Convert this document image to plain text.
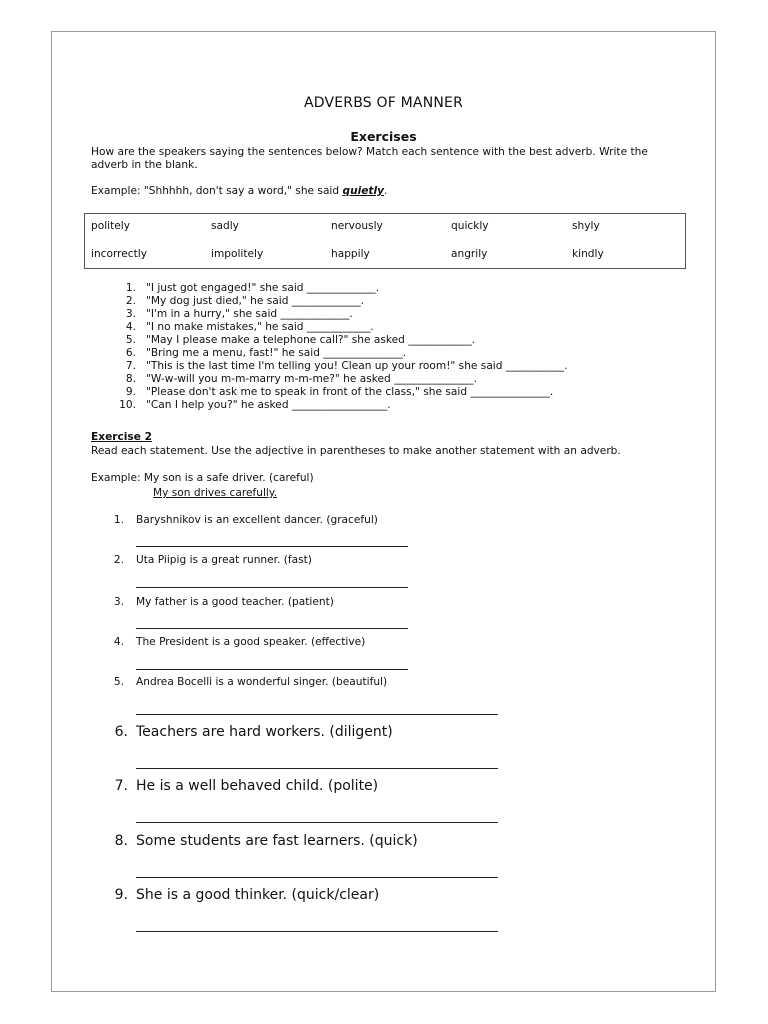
ADVERBS OF MANNER
Exercises
How are the speakers saying the sentences below? Match each sentence with the best adverb. Write the adverb in the blank.
Example: "Shhhhh, don't say a word," she said quietly.
politely	sadly	nervously	quickly	shyly
incorrectly	impolitely	happily	angrily	kindly
1. "I just got engaged!" she said _____________.
2. "My dog just died," he said _____________.
3. "I'm in a hurry," she said _____________.
4. "I no make mistakes," he said ____________.
5. "May I please make a telephone call?" she asked ____________.
6. "Bring me a menu, fast!" he said _______________.
7. "This is the last time I'm telling you! Clean up your room!" she said ___________.
8. "W-w-will you m-m-marry m-m-me?" he asked _______________.
9. "Please don't ask me to speak in front of the class," she said _______________.
10. "Can I help you?" he asked __________________.
Exercise 2
Read each statement. Use the adjective in parentheses to make another statement with an adverb.
Example: My son is a safe driver. (careful)
My son drives carefully.
1. Baryshnikov is an excellent dancer. (graceful)
2. Uta Piipig is a great runner. (fast)
3. My father is a good teacher. (patient)
4. The President is a good speaker. (effective)
5. Andrea Bocelli is a wonderful singer. (beautiful)
6. Teachers are hard workers. (diligent)
7. He is a well behaved child. (polite)
8. Some students are fast learners. (quick)
9. She is a good thinker. (quick/clear)
